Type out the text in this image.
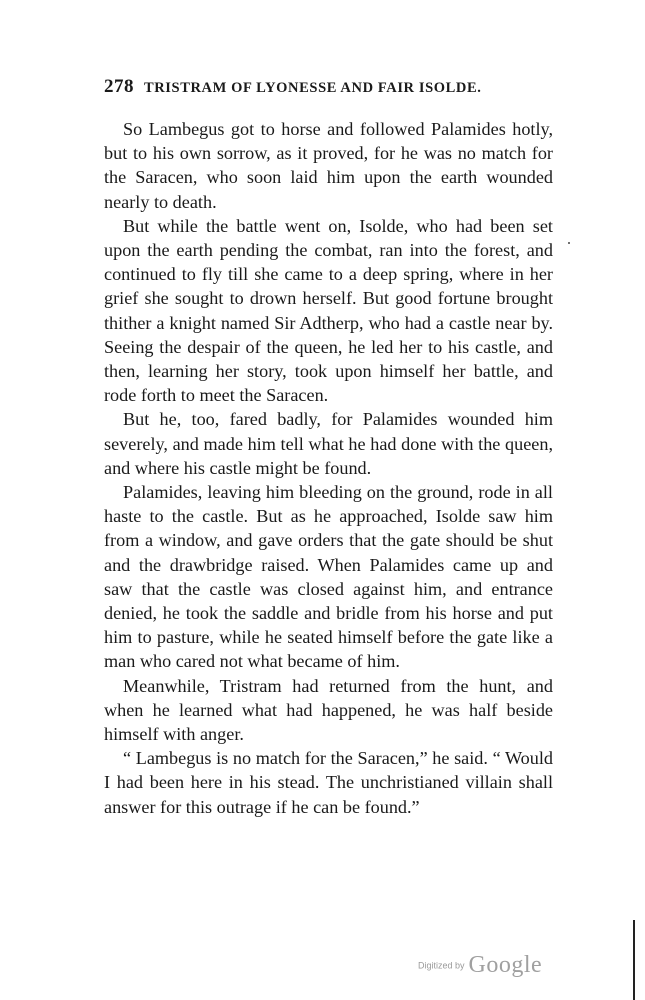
278 TRISTRAM OF LYONESSE AND FAIR ISOLDE.

So Lambegus got to horse and followed Palamides hotly, but to his own sorrow, as it proved, for he was no match for the Saracen, who soon laid him upon the earth wounded nearly to death.

But while the battle went on, Isolde, who had been set upon the earth pending the combat, ran into the forest, and continued to fly till she came to a deep spring, where in her grief she sought to drown herself. But good fortune brought thither a knight named Sir Adtherp, who had a castle near by. Seeing the despair of the queen, he led her to his castle, and then, learning her story, took upon himself her battle, and rode forth to meet the Saracen.

But he, too, fared badly, for Palamides wounded him severely, and made him tell what he had done with the queen, and where his castle might be found.

Palamides, leaving him bleeding on the ground, rode in all haste to the castle. But as he approached, Isolde saw him from a window, and gave orders that the gate should be shut and the drawbridge raised. When Palamides came up and saw that the castle was closed against him, and entrance denied, he took the saddle and bridle from his horse and put him to pasture, while he seated himself before the gate like a man who cared not what became of him.

Meanwhile, Tristram had returned from the hunt, and when he learned what had happened, he was half beside himself with anger.

“ Lambegus is no match for the Saracen,” he said. “ Would I had been here in his stead. The unchristianed villain shall answer for this outrage if he can be found.”

Digitized by Google
